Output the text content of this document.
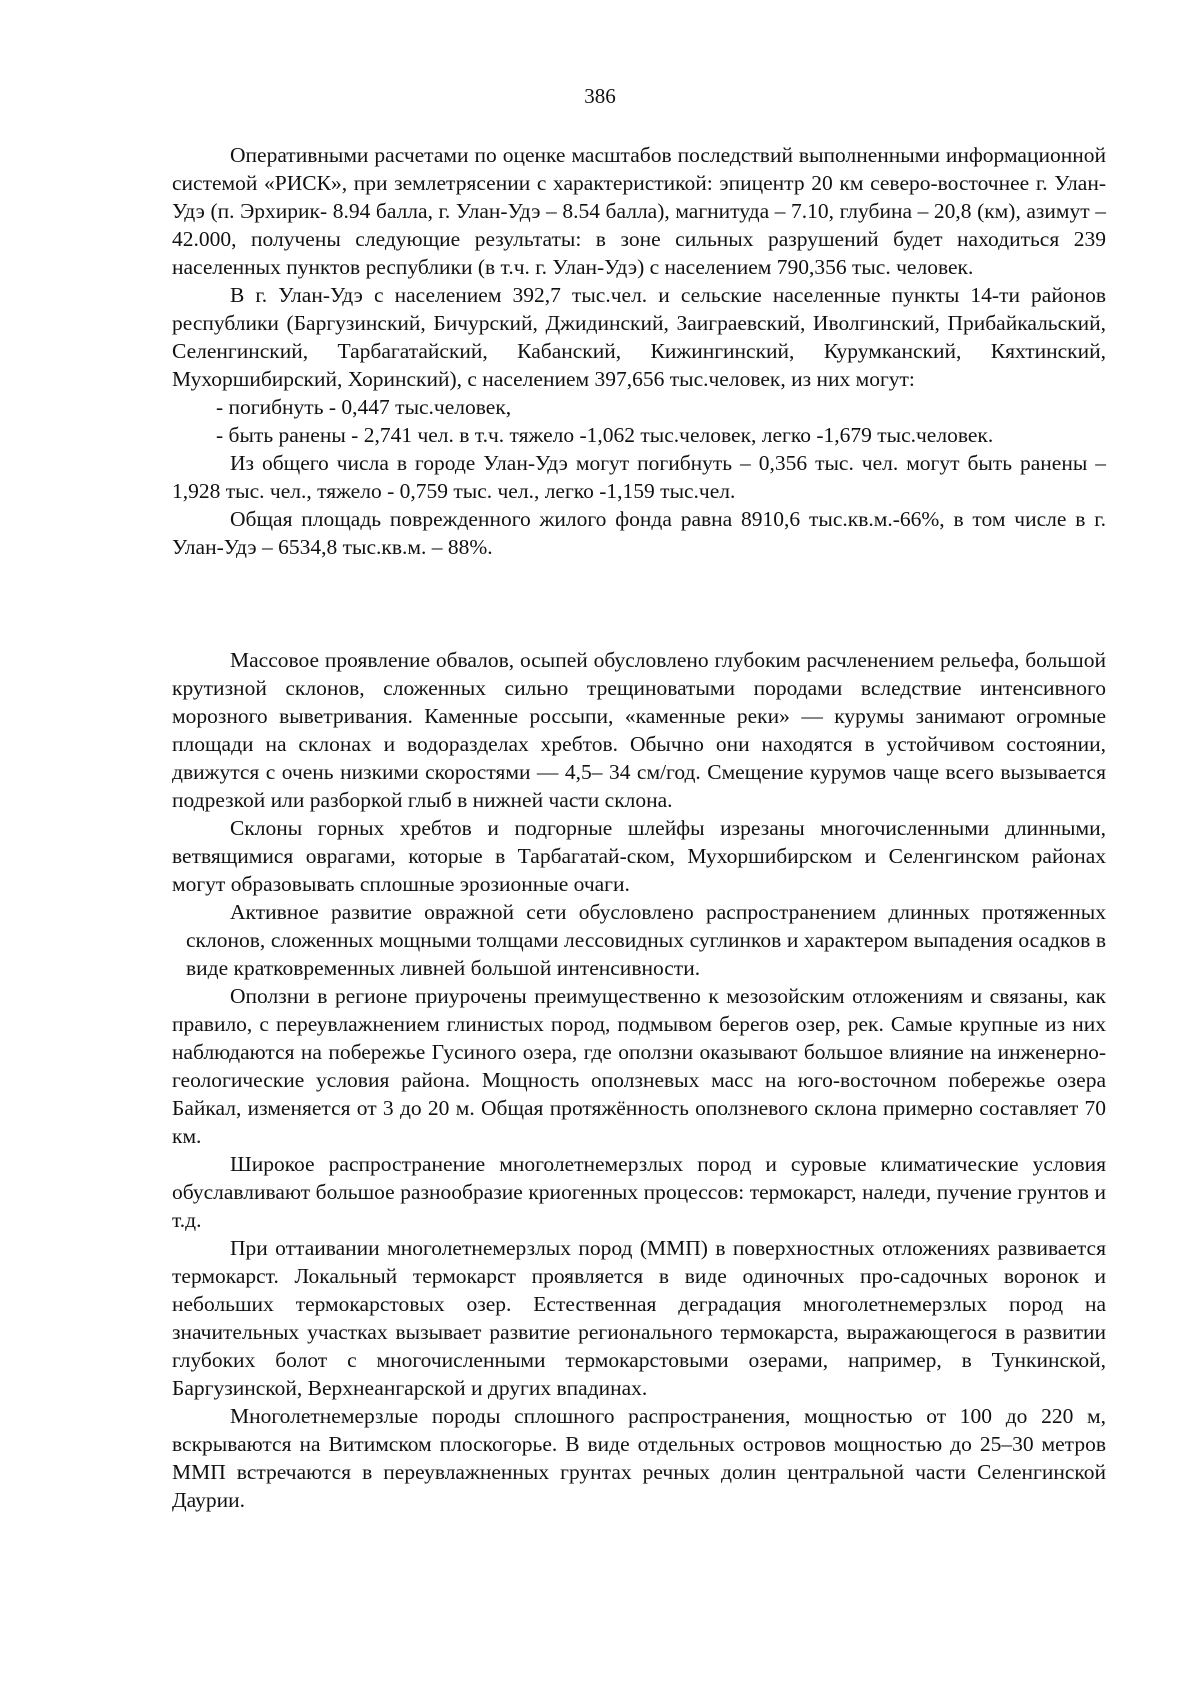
386

Оперативными расчетами по оценке масштабов последствий выполненными информационной системой «РИСК», при землетрясении с характеристикой: эпицентр 20 км северо-восточнее г. Улан-Удэ (п. Эрхирик- 8.94 балла, г. Улан-Удэ – 8.54 балла), магнитуда – 7.10, глубина – 20,8 (км), азимут – 42.000, получены следующие результаты: в зоне сильных разрушений будет находиться 239 населенных пунктов республики (в т.ч. г. Улан-Удэ) с населением 790,356 тыс. человек.

В г. Улан-Удэ с населением 392,7 тыс.чел. и сельские населенные пункты 14-ти районов республики (Баргузинский, Бичурский, Джидинский, Заиграевский, Иволгинский, Прибайкальский, Селенгинский, Тарбагатайский, Кабанский, Кижингинский, Курумканский, Кяхтинский, Мухоршибирский, Хоринский), с населением 397,656 тыс.человек, из них могут:

- погибнуть - 0,447 тыс.человек,

- быть ранены - 2,741 чел. в т.ч. тяжело -1,062 тыс.человек, легко -1,679 тыс.человек.

Из общего числа в городе Улан-Удэ могут погибнуть – 0,356 тыс. чел. могут быть ранены – 1,928 тыс. чел., тяжело - 0,759 тыс. чел., легко -1,159 тыс.чел.

Общая площадь поврежденного жилого фонда равна 8910,6 тыс.кв.м.-66%, в том числе в г. Улан-Удэ – 6534,8 тыс.кв.м. – 88%.

Массовое проявление обвалов, осыпей обусловлено глубоким расчленением рельефа, большой крутизной склонов, сложенных сильно трещиноватыми породами вследствие интенсивного морозного выветривания. Каменные россыпи, «каменные реки» — курумы занимают огромные площади на склонах и водоразделах хребтов. Обычно они находятся в устойчивом состоянии, движутся с очень низкими скоростями — 4,5– 34 см/год. Смещение курумов чаще всего вызывается подрезкой или разборкой глыб в нижней части склона.

Склоны горных хребтов и подгорные шлейфы изрезаны многочисленными длинными, ветвящимися оврагами, которые в Тарбагатай-ском, Мухоршибирском и Селенгинском районах могут образовывать сплошные эрозионные очаги.

Активное развитие овражной сети обусловлено распространением длинных протяженных склонов, сложенных мощными толщами лессовидных суглинков и характером выпадения осадков в виде кратковременных ливней большой интенсивности.

Оползни в регионе приурочены преимущественно к мезозойским отложениям и связаны, как правило, с переувлажнением глинистых пород, подмывом берегов озер, рек. Самые крупные из них наблюдаются на побережье Гусиного озера, где оползни оказывают большое влияние на инженерно-геологические условия района. Мощность оползневых масс на юго-восточном побережье озера Байкал, изменяется от 3 до 20 м. Общая протяжённость оползневого склона примерно составляет 70 км.

Широкое распространение многолетнемерзлых пород и суровые климатические условия обуславливают большое разнообразие криогенных процессов: термокарст, наледи, пучение грунтов и т.д.

При оттаивании многолетнемерзлых пород (ММП) в поверхностных отложениях развивается термокарст. Локальный термокарст проявляется в виде одиночных про-садочных воронок и небольших термокарстовых озер. Естественная деградация многолетнемерзлых пород на значительных участках вызывает развитие регионального термокарста, выражающегося в развитии глубоких болот с многочисленными термокарстовыми озерами, например, в Тункинской, Баргузинской, Верхнеангарской и других впадинах.

Многолетнемерзлые породы сплошного распространения, мощностью от 100 до 220 м, вскрываются на Витимском плоскогорье. В виде отдельных островов мощностью до 25–30 метров ММП встречаются в переувлажненных грунтах речных долин центральной части Селенгинской Даурии.
